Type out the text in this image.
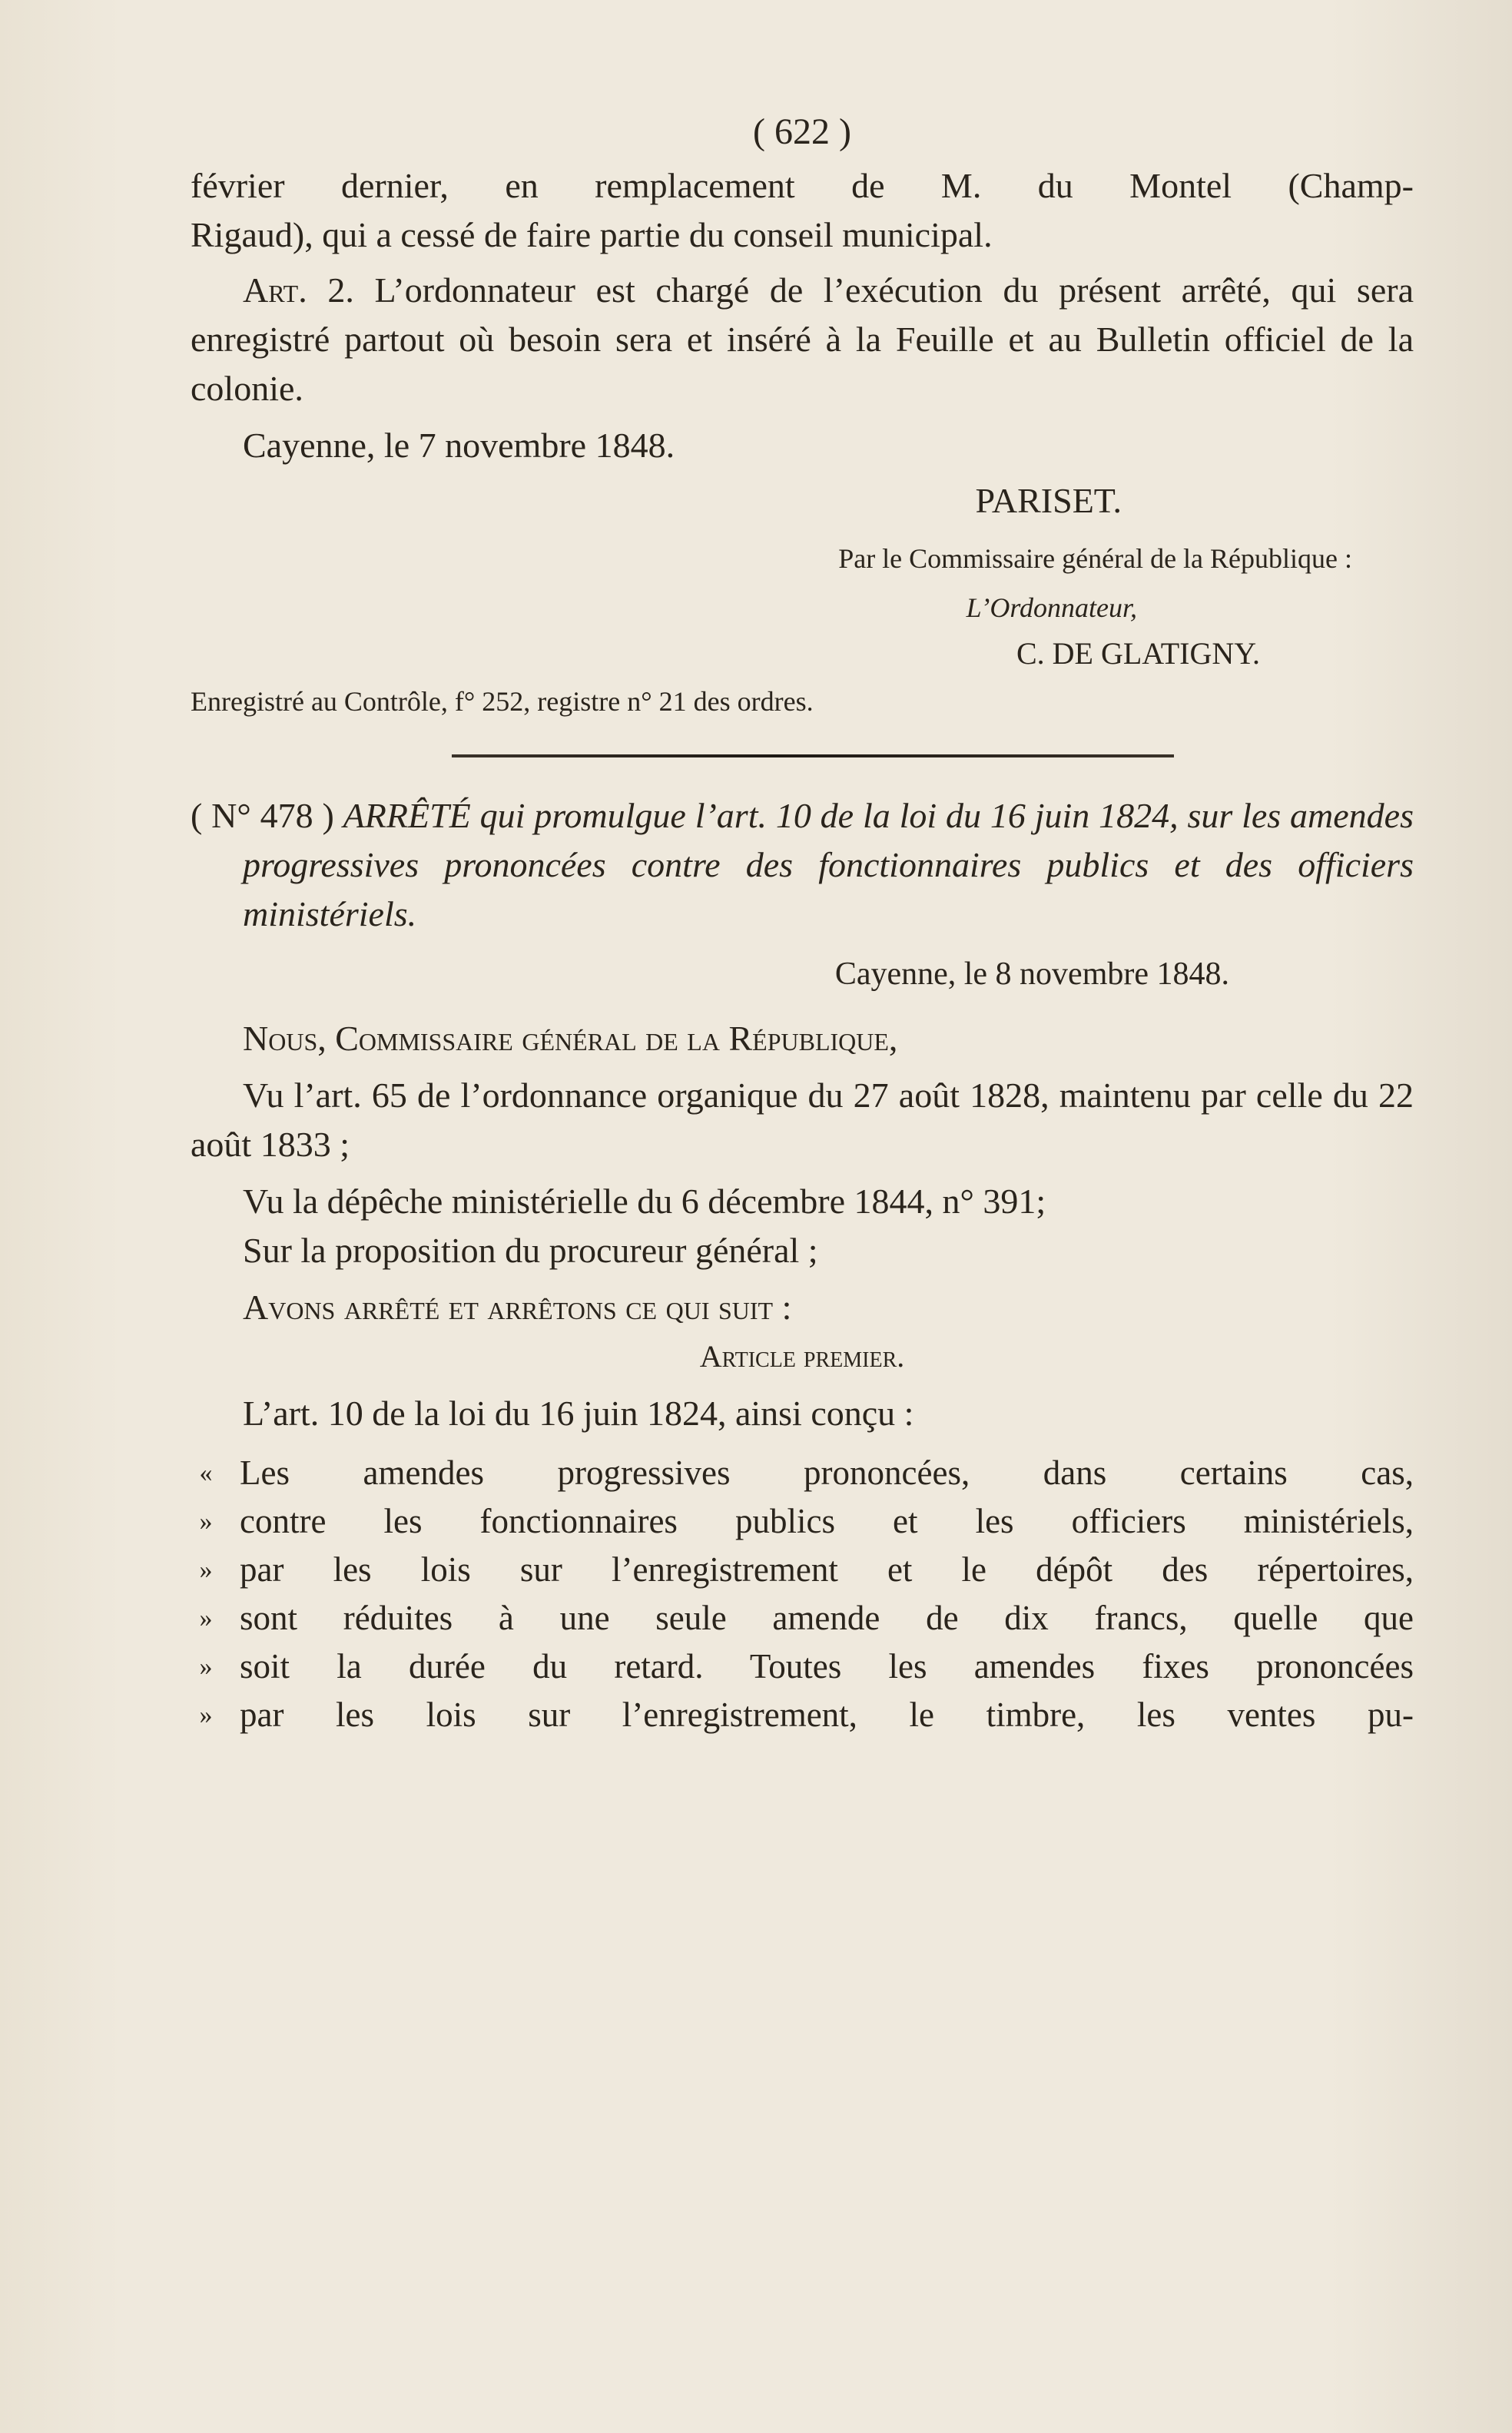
( 622 )

février dernier, en remplacement de M. du Montel (Champ-

Rigaud), qui a cessé de faire partie du conseil municipal.

Art. 2. L’ordonnateur est chargé de l’exécution du présent arrêté, qui sera enregistré partout où besoin sera et inséré à la Feuille et au Bulletin officiel de la colonie.

Cayenne, le 7 novembre 1848.

PARISET.

Par le Commissaire général de la République :

L’Ordonnateur,

C. DE GLATIGNY.

Enregistré au Contrôle, f° 252, registre n° 21 des ordres.

( N° 478 ) ARRÊTÉ qui promulgue l’art. 10 de la loi du 16 juin 1824, sur les amendes progressives prononcées contre des fonctionnaires publics et des officiers ministériels.

Cayenne, le 8 novembre 1848.

Nous, Commissaire général de la République,

Vu l’art. 65 de l’ordonnance organique du 27 août 1828, maintenu par celle du 22 août 1833 ;

Vu la dépêche ministérielle du 6 décembre 1844, n° 391;

Sur la proposition du procureur général ;

Avons arrêté et arrêtons ce qui suit :

Article premier.

L’art. 10 de la loi du 16 juin 1824, ainsi conçu :

« Les amendes progressives prononcées, dans certains cas,

» contre les fonctionnaires publics et les officiers ministériels,

» par les lois sur l’enregistrement et le dépôt des répertoires,

» sont réduites à une seule amende de dix francs, quelle que

» soit la durée du retard. Toutes les amendes fixes prononcées

» par les lois sur l’enregistrement, le timbre, les ventes pu-
